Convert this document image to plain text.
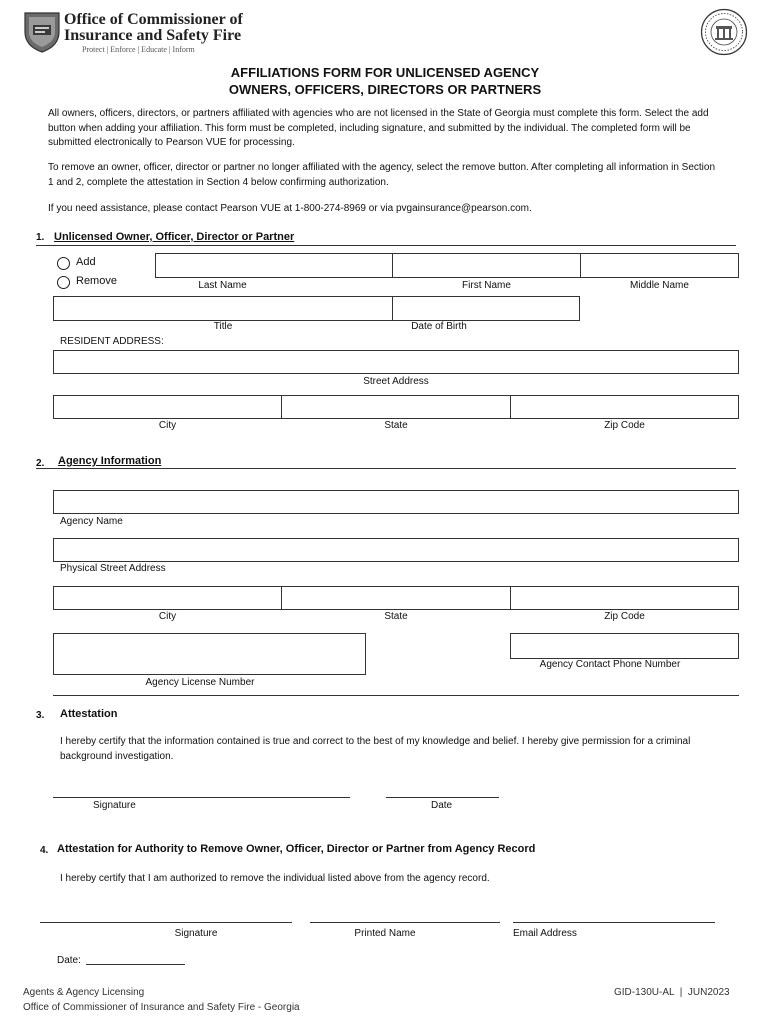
Office of Commissioner of
Insurance and Safety Fire
Protect | Enforce | Educate | Inform
AFFILIATIONS FORM FOR UNLICENSED AGENCY
OWNERS, OFFICERS, DIRECTORS OR PARTNERS
All owners, officers, directors, or partners affiliated with agencies who are not licensed in the State of Georgia must complete this form. Select the add button when adding your affiliation. This form must be completed, including signature, and submitted by the individual. The completed form will be submitted electronically to Pearson VUE for processing.
To remove an owner, officer, director or partner no longer affiliated with the agency, select the remove button. After completing all information in Section 1 and 2, complete the attestation in Section 4 below confirming authorization.
If you need assistance, please contact Pearson VUE at 1-800-274-8969 or via pvgainsurance@pearson.com.
1. Unlicensed Owner, Officer, Director or Partner
Add
Remove	Last Name	First Name	Middle Name
Title	Date of Birth
RESIDENT ADDRESS:
Street Address
City	State	Zip Code
2. Agency Information
Agency Name
Physical Street Address
City	State	Zip Code
Agency Contact Phone Number
Agency License Number
3. Attestation
I hereby certify that the information contained is true and correct to the best of my knowledge and belief. I hereby give permission for a criminal background investigation.
Signature	Date
4. Attestation for Authority to Remove Owner, Officer, Director or Partner from Agency Record
I hereby certify that I am authorized to remove the individual listed above from the agency record.
Signature	Printed Name	Email Address
Date:
Agents & Agency Licensing
Office of Commissioner of Insurance and Safety Fire - Georgia
GID-130U-AL  |  JUN2023
